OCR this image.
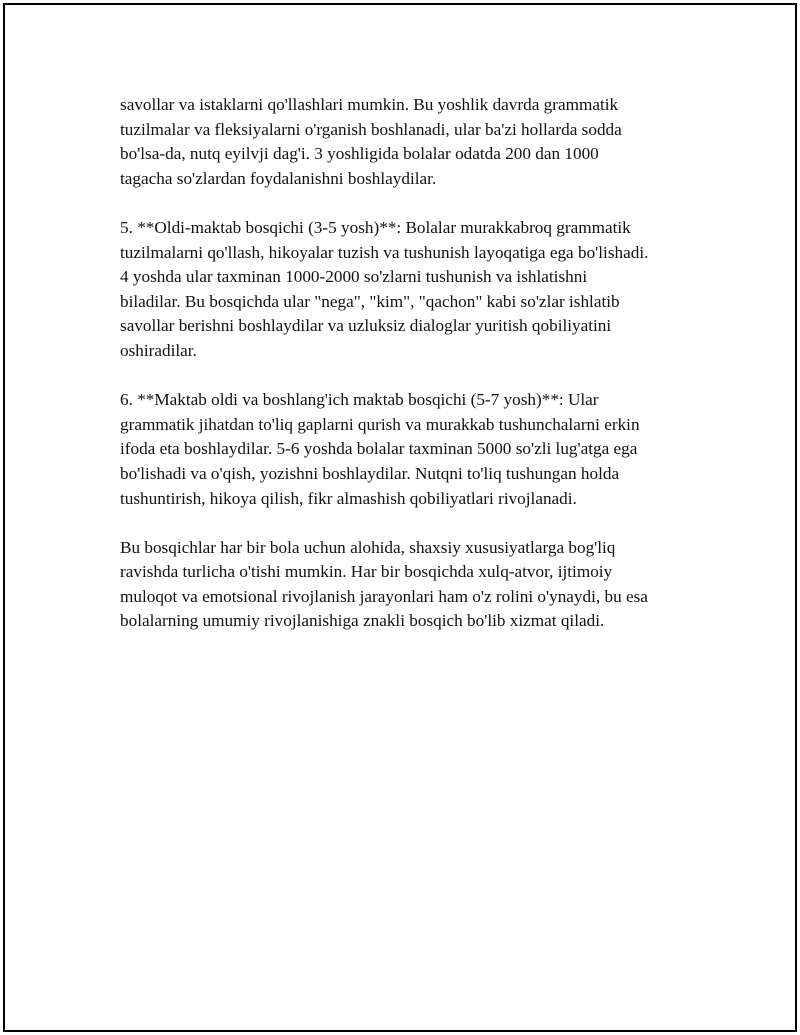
savollar va istaklarni qo'llashlari mumkin. Bu yoshlik davrda grammatik
tuzilmalar va fleksiyalarni o'rganish boshlanadi, ular ba'zi hollarda sodda
bo'lsa-da, nutq eyilvji dag'i. 3 yoshligida bolalar odatda 200 dan 1000
tagacha so'zlardan foydalanishni boshlaydilar.

5. **Oldi-maktab bosqichi (3-5 yosh)**: Bolalar murakkabroq grammatik
tuzilmalarni qo'llash, hikoyalar tuzish va tushunish layoqatiga ega bo'lishadi.
4 yoshda ular taxminan 1000-2000 so'zlarni tushunish va ishlatishni
biladilar. Bu bosqichda ular "nega", "kim", "qachon" kabi so'zlar ishlatib
savollar berishni boshlaydilar va uzluksiz dialoglar yuritish qobiliyatini
oshiradilar.

6. **Maktab oldi va boshlang'ich maktab bosqichi (5-7 yosh)**: Ular
grammatik jihatdan to'liq gaplarni qurish va murakkab tushunchalarni erkin
ifoda eta boshlaydilar. 5-6 yoshda bolalar taxminan 5000 so'zli lug'atga ega
bo'lishadi va o'qish, yozishni boshlaydilar. Nutqni to'liq tushungan holda
tushuntirish, hikoya qilish, fikr almashish qobiliyatlari rivojlanadi.

Bu bosqichlar har bir bola uchun alohida, shaxsiy xususiyatlarga bog'liq
ravishda turlicha o'tishi mumkin. Har bir bosqichda xulq-atvor, ijtimoiy
muloqot va emotsional rivojlanish jarayonlari ham o'z rolini o'ynaydi, bu esa
bolalarning umumiy rivojlanishiga znakli bosqich bo'lib xizmat qiladi.
